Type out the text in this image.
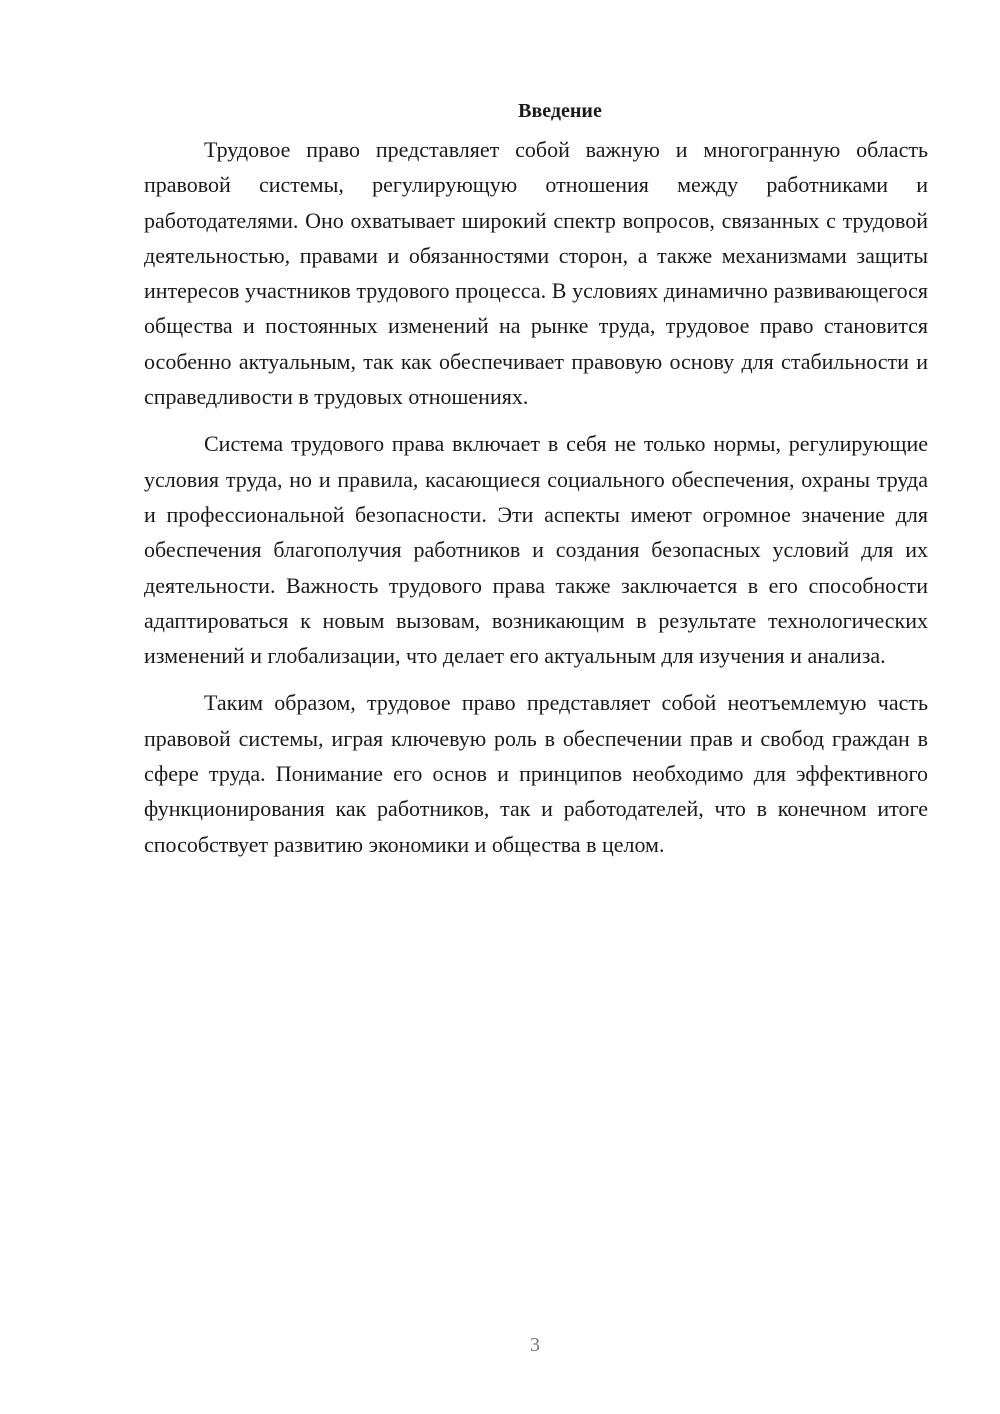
Введение

Трудовое право представляет собой важную и многогранную область правовой системы, регулирующую отношения между работниками и работодателями. Оно охватывает широкий спектр вопросов, связанных с трудовой деятельностью, правами и обязанностями сторон, а также механизмами защиты интересов участников трудового процесса. В условиях динамично развивающегося общества и постоянных изменений на рынке труда, трудовое право становится особенно актуальным, так как обеспечивает правовую основу для стабильности и справедливости в трудовых отношениях.

Система трудового права включает в себя не только нормы, регулирующие условия труда, но и правила, касающиеся социального обеспечения, охраны труда и профессиональной безопасности. Эти аспекты имеют огромное значение для обеспечения благополучия работников и создания безопасных условий для их деятельности. Важность трудового права также заключается в его способности адаптироваться к новым вызовам, возникающим в результате технологических изменений и глобализации, что делает его актуальным для изучения и анализа.

Таким образом, трудовое право представляет собой неотъемлемую часть правовой системы, играя ключевую роль в обеспечении прав и свобод граждан в сфере труда. Понимание его основ и принципов необходимо для эффективного функционирования как работников, так и работодателей, что в конечном итоге способствует развитию экономики и общества в целом.

3
